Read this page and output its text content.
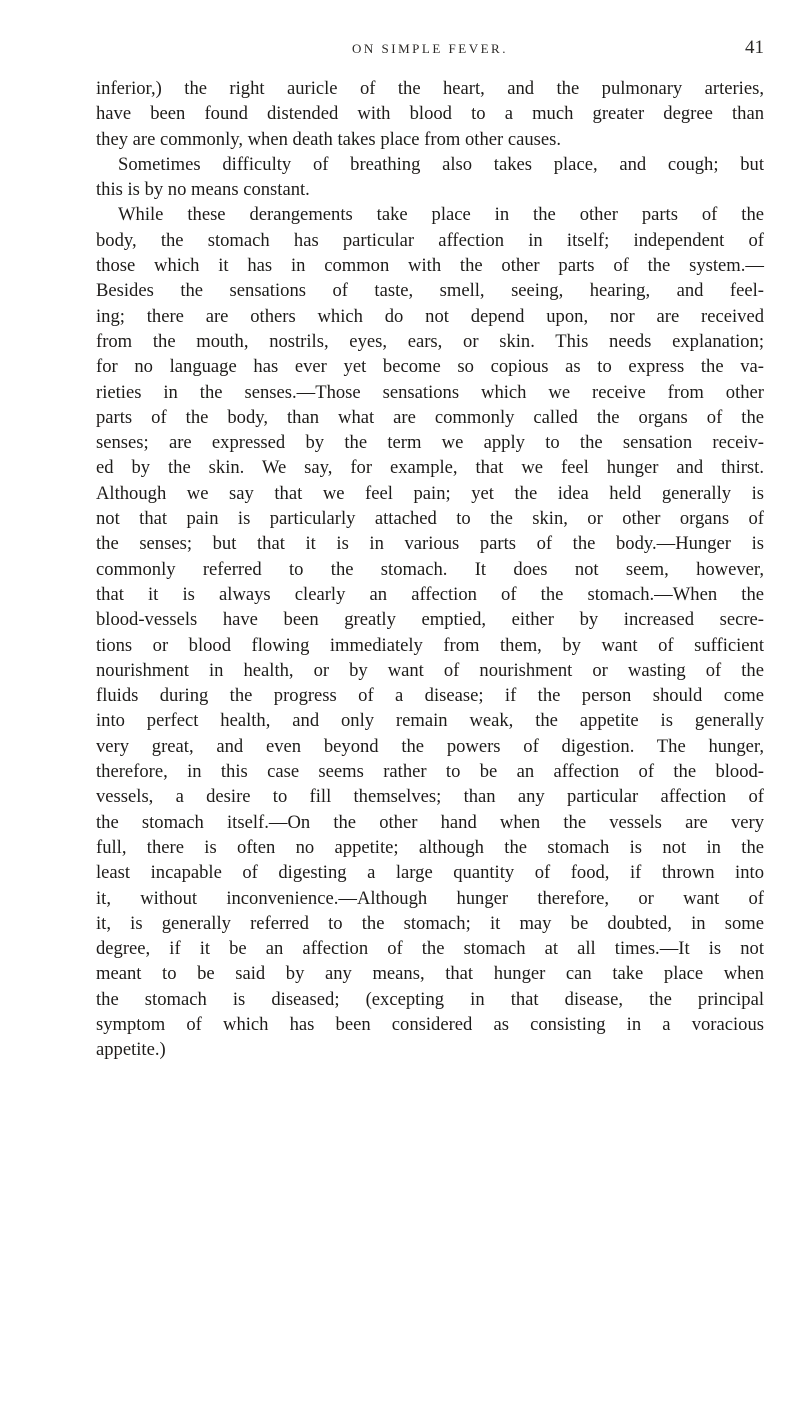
ON SIMPLE FEVER.	41
inferior,) the right auricle of the heart, and the pulmonary arteries,
have been found distended with blood to a much greater degree than
they are commonly, when death takes place from other causes.
Sometimes difficulty of breathing also takes place, and cough; but
this is by no means constant.
While these derangements take place in the other parts of the
body, the stomach has particular affection in itself; independent of
those which it has in common with the other parts of the system.—
Besides the sensations of taste, smell, seeing, hearing, and feel-
ing; there are others which do not depend upon, nor are received
from the mouth, nostrils, eyes, ears, or skin. This needs explanation;
for no language has ever yet become so copious as to express the va-
rieties in the senses.—Those sensations which we receive from other
parts of the body, than what are commonly called the organs of the
senses; are expressed by the term we apply to the sensation receiv-
ed by the skin. We say, for example, that we feel hunger and thirst.
Although we say that we feel pain; yet the idea held generally is
not that pain is particularly attached to the skin, or other organs of
the senses; but that it is in various parts of the body.—Hunger is
commonly referred to the stomach. It does not seem, however,
that it is always clearly an affection of the stomach.—When the
blood-vessels have been greatly emptied, either by increased secre-
tions or blood flowing immediately from them, by want of sufficient
nourishment in health, or by want of nourishment or wasting of the
fluids during the progress of a disease; if the person should come
into perfect health, and only remain weak, the appetite is generally
very great, and even beyond the powers of digestion. The hunger,
therefore, in this case seems rather to be an affection of the blood-
vessels, a desire to fill themselves; than any particular affection of
the stomach itself.—On the other hand when the vessels are very
full, there is often no appetite; although the stomach is not in the
least incapable of digesting a large quantity of food, if thrown into
it, without inconvenience.—Although hunger therefore, or want of
it, is generally referred to the stomach; it may be doubted, in some
degree, if it be an affection of the stomach at all times.—It is not
meant to be said by any means, that hunger can take place when
the stomach is diseased; (excepting in that disease, the principal
symptom of which has been considered as consisting in a voracious
appetite.)
